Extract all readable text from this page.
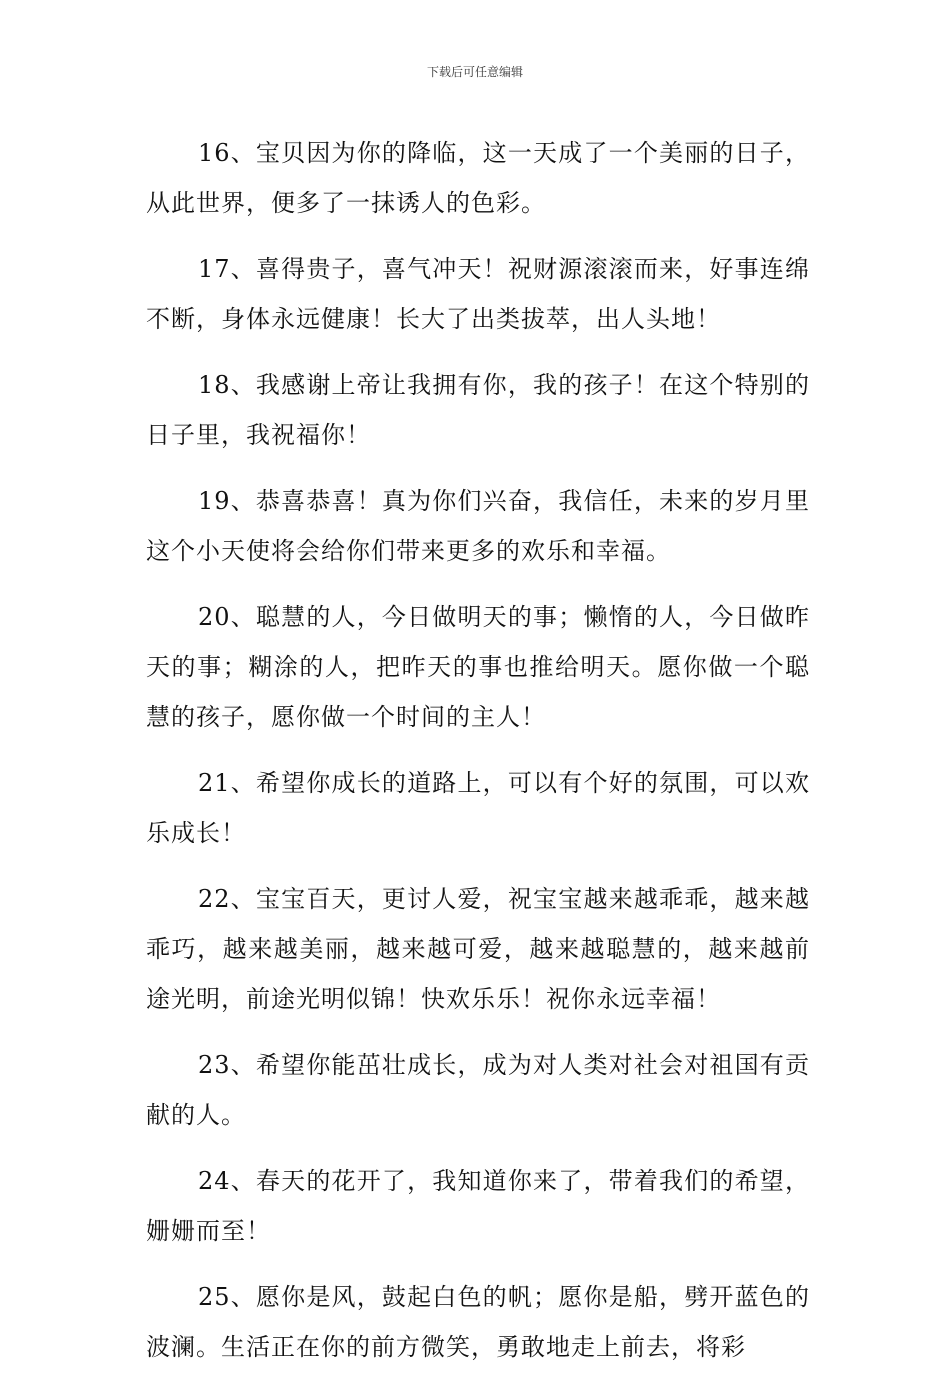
下载后可任意编辑

16、宝贝因为你的降临，这一天成了一个美丽的日子，从此世界，便多了一抹诱人的色彩。

17、喜得贵子，喜气冲天！祝财源滚滚而来，好事连绵不断，身体永远健康！长大了出类拔萃，出人头地！

18、我感谢上帝让我拥有你，我的孩子！在这个特别的日子里，我祝福你！

19、恭喜恭喜！真为你们兴奋，我信任，未来的岁月里这个小天使将会给你们带来更多的欢乐和幸福。

20、聪慧的人，今日做明天的事；懒惰的人，今日做昨天的事；糊涂的人，把昨天的事也推给明天。愿你做一个聪慧的孩子，愿你做一个时间的主人！

21、希望你成长的道路上，可以有个好的氛围，可以欢乐成长！

22、宝宝百天，更讨人爱，祝宝宝越来越乖乖，越来越乖巧，越来越美丽，越来越可爱，越来越聪慧的，越来越前途光明，前途光明似锦！快欢乐乐！祝你永远幸福！

23、希望你能茁壮成长，成为对人类对社会对祖国有贡献的人。

24、春天的花开了，我知道你来了，带着我们的希望，姗姗而至！

25、愿你是风，鼓起白色的帆；愿你是船，劈开蓝色的波澜。生活正在你的前方微笑，勇敢地走上前去，将彩
